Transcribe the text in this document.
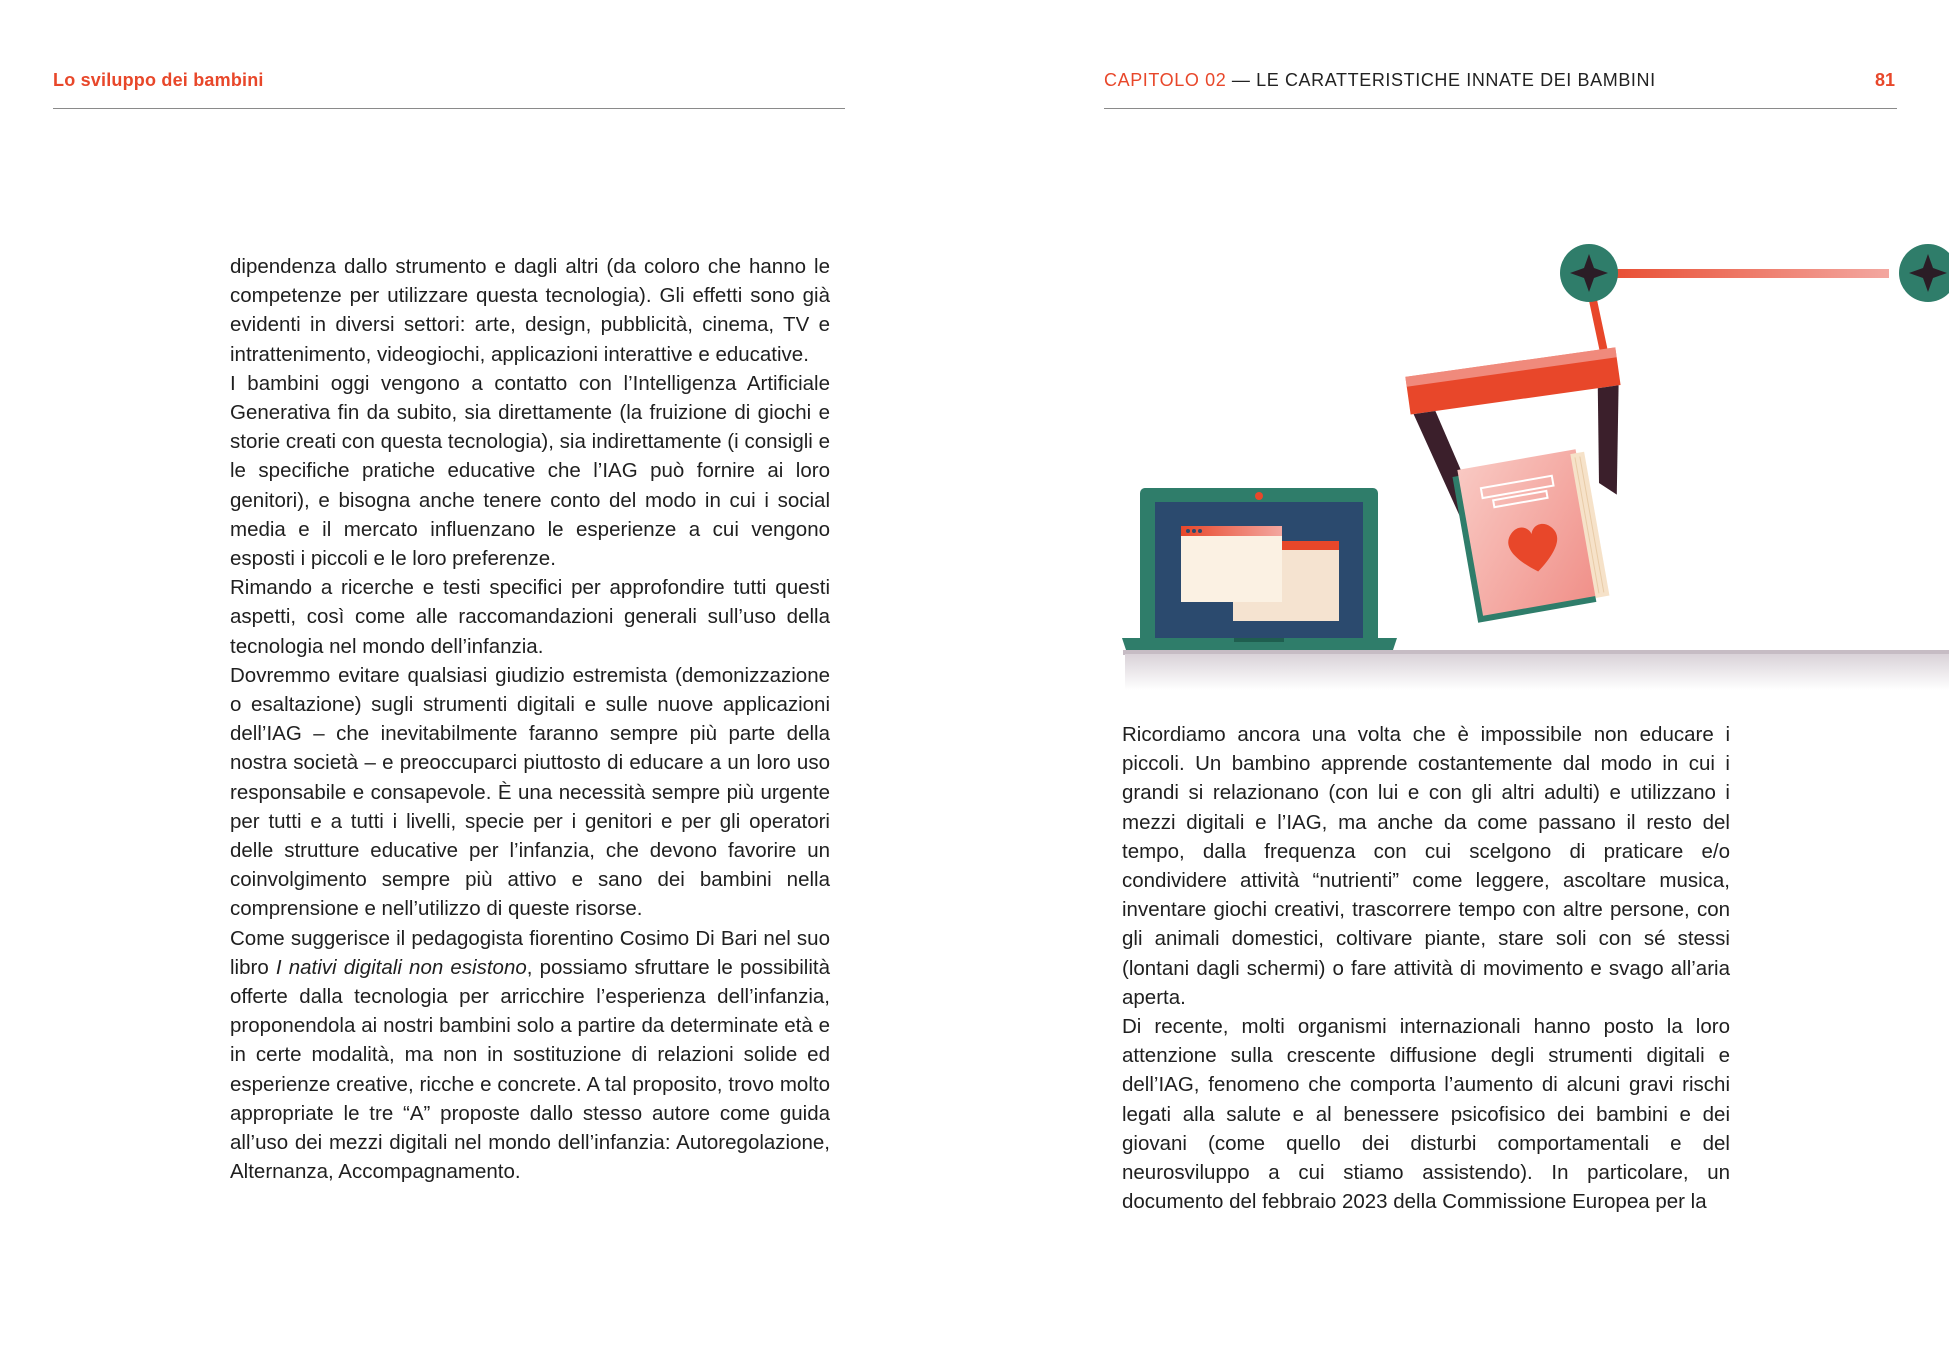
Lo sviluppo dei bambini	CAPITOLO 02 — LE CARATTERISTICHE INNATE DEI BAMBINI	81

dipendenza dallo strumento e dagli altri (da coloro che hanno le competenze per utilizzare questa tecnologia). Gli effetti sono già evidenti in diversi settori: arte, design, pubblicità, cinema, TV e intrattenimento, videogiochi, applicazioni interattive e educative.

I bambini oggi vengono a contatto con l’Intelligenza Artificiale Generativa fin da subito, sia direttamente (la fruizione di giochi e storie creati con questa tecnologia), sia indirettamente (i consigli e le specifiche pratiche educative che l’IAG può fornire ai loro genitori), e bisogna anche tenere conto del modo in cui i social media e il mercato influenzano le esperienze a cui vengono esposti i piccoli e le loro preferenze.

Rimando a ricerche e testi specifici per approfondire tutti questi aspetti, così come alle raccomandazioni generali sull’uso della tecnologia nel mondo dell’infanzia.

Dovremmo evitare qualsiasi giudizio estremista (demonizzazione o esaltazione) sugli strumenti digitali e sulle nuove applicazioni dell’IAG – che inevitabilmente faranno sempre più parte della nostra società – e preoccuparci piuttosto di educare a un loro uso responsabile e consapevole. È una necessità sempre più urgente per tutti e a tutti i livelli, specie per i genitori e per gli operatori delle strutture educative per l’infanzia, che devono favorire un coinvolgimento sempre più attivo e sano dei bambini nella comprensione e nell’utilizzo di queste risorse.

Come suggerisce il pedagogista fiorentino Cosimo Di Bari nel suo libro I nativi digitali non esistono, possiamo sfruttare le possibilità offerte dalla tecnologia per arricchire l’esperienza dell’infanzia, proponendola ai nostri bambini solo a partire da determinate età e in certe modalità, ma non in sostituzione di relazioni solide ed esperienze creative, ricche e concrete. A tal proposito, trovo molto appropriate le tre “A” proposte dallo stesso autore come guida all’uso dei mezzi digitali nel mondo dell’infanzia: Autoregolazione, Alternanza, Accompagnamento.

Ricordiamo ancora una volta che è impossibile non educare i piccoli. Un bambino apprende costantemente dal modo in cui i grandi si relazionano (con lui e con gli altri adulti) e utilizzano i mezzi digitali e l’IAG, ma anche da come passano il resto del tempo, dalla frequenza con cui scelgono di praticare e/o condividere attività “nutrienti” come leggere, ascoltare musica, inventare giochi creativi, trascorrere tempo con altre persone, con gli animali domestici, coltivare piante, stare soli con sé stessi (lontani dagli schermi) o fare attività di movimento e svago all’aria aperta.

Di recente, molti organismi internazionali hanno posto la loro attenzione sulla crescente diffusione degli strumenti digitali e dell’IAG, fenomeno che comporta l’aumento di alcuni gravi rischi legati alla salute e al benessere psicofisico dei bambini e dei giovani (come quello dei disturbi comportamentali e del neurosviluppo a cui stiamo assistendo). In particolare, un documento del febbraio 2023 della Commissione Europea per la
